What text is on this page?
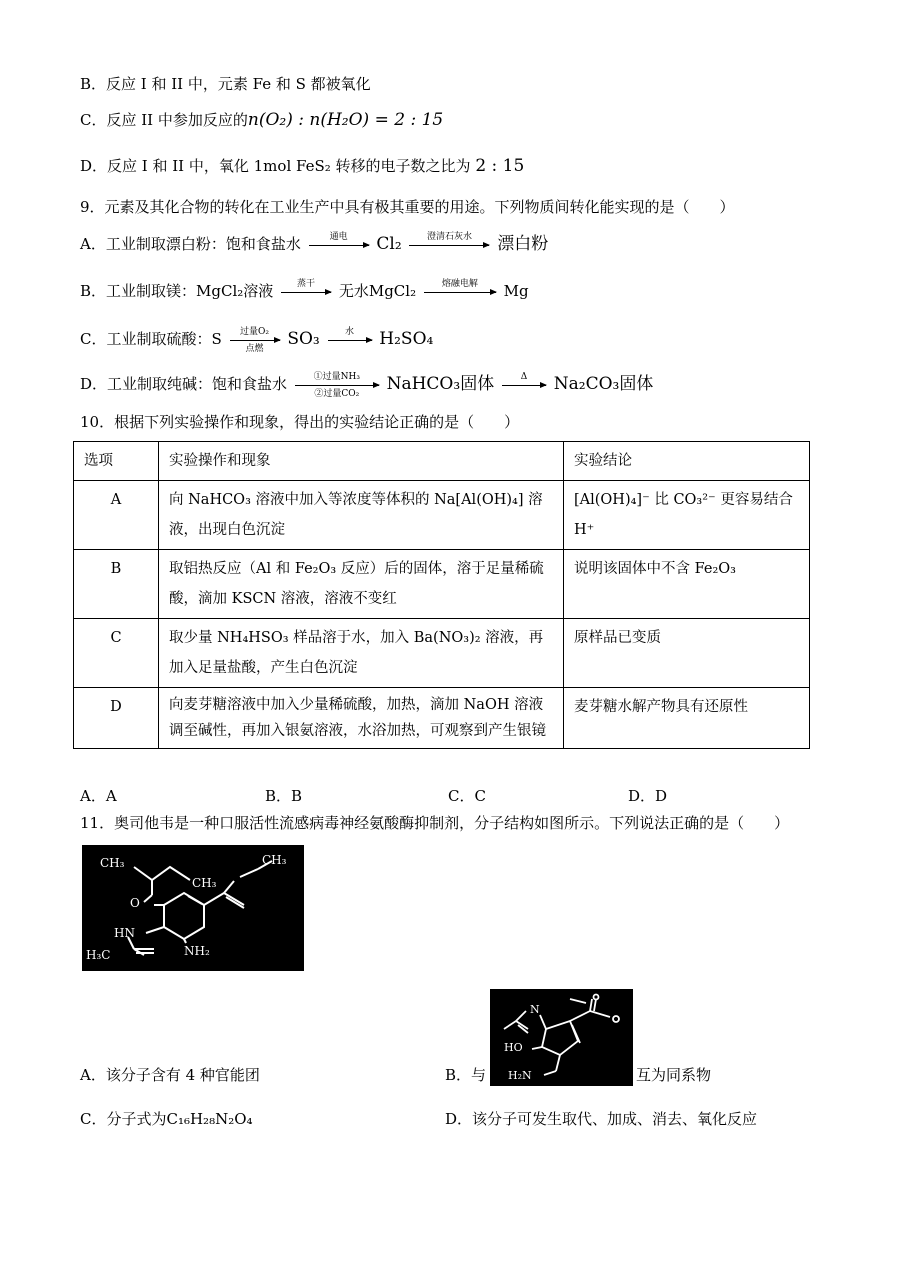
B．反应 I 和 II 中，元素 Fe 和 S 都被氧化
C．反应 II 中参加反应的n(O₂) : n(H₂O) = 2 : 15
D．反应 I 和 II 中，氧化 1mol FeS₂ 转移的电子数之比为 2 : 15
9．元素及其化合物的转化在工业生产中具有极其重要的用途。下列物质间转化能实现的是（　　）
A．工业制取漂白粉：饱和食盐水	通电	Cl₂	澄清石灰水	漂白粉
B．工业制取镁：MgCl₂溶液	蒸干	无水MgCl₂	熔融电解	Mg
C．工业制取硫酸：S	过量O₂
点燃	SO₃	水	H₂SO₄
D．工业制取纯碱：饱和食盐水	①过量NH₃
②过量CO₂	NaHCO₃固体	Δ	Na₂CO₃固体
10．根据下列实验操作和现象，得出的实验结论正确的是（　　）
选项	实验操作和现象	实验结论
A	向 NaHCO₃ 溶液中加入等浓度等体积的 Na[Al(OH)₄] 溶液，出现白色沉淀	[Al(OH)₄]⁻ 比 CO₃²⁻ 更容易结合 H⁺
B	取铝热反应（Al 和 Fe₂O₃ 反应）后的固体，溶于足量稀硫酸，滴加 KSCN 溶液，溶液不变红	说明该固体中不含 Fe₂O₃
C	取少量 NH₄HSO₃ 样品溶于水，加入 Ba(NO₃)₂ 溶液，再加入足量盐酸，产生白色沉淀	原样品已变质
D	向麦芽糖溶液中加入少量稀硫酸，加热，滴加 NaOH 溶液调至碱性，再加入银氨溶液，水浴加热，可观察到产生银镜	麦芽糖水解产物具有还原性
A．A	B．B	C．C	D．D
11．奥司他韦是一种口服活性流感病毒神经氨酸酶抑制剂，分子结构如图所示。下列说法正确的是（　　）
CH₃
CH₃
CH₃
O
HN
NH₂
H₃C
N
HO
H₂N
A．该分子含有 4 种官能团	B．与	互为同系物
C．分子式为C₁₆H₂₈N₂O₄	D．该分子可发生取代、加成、消去、氧化反应
